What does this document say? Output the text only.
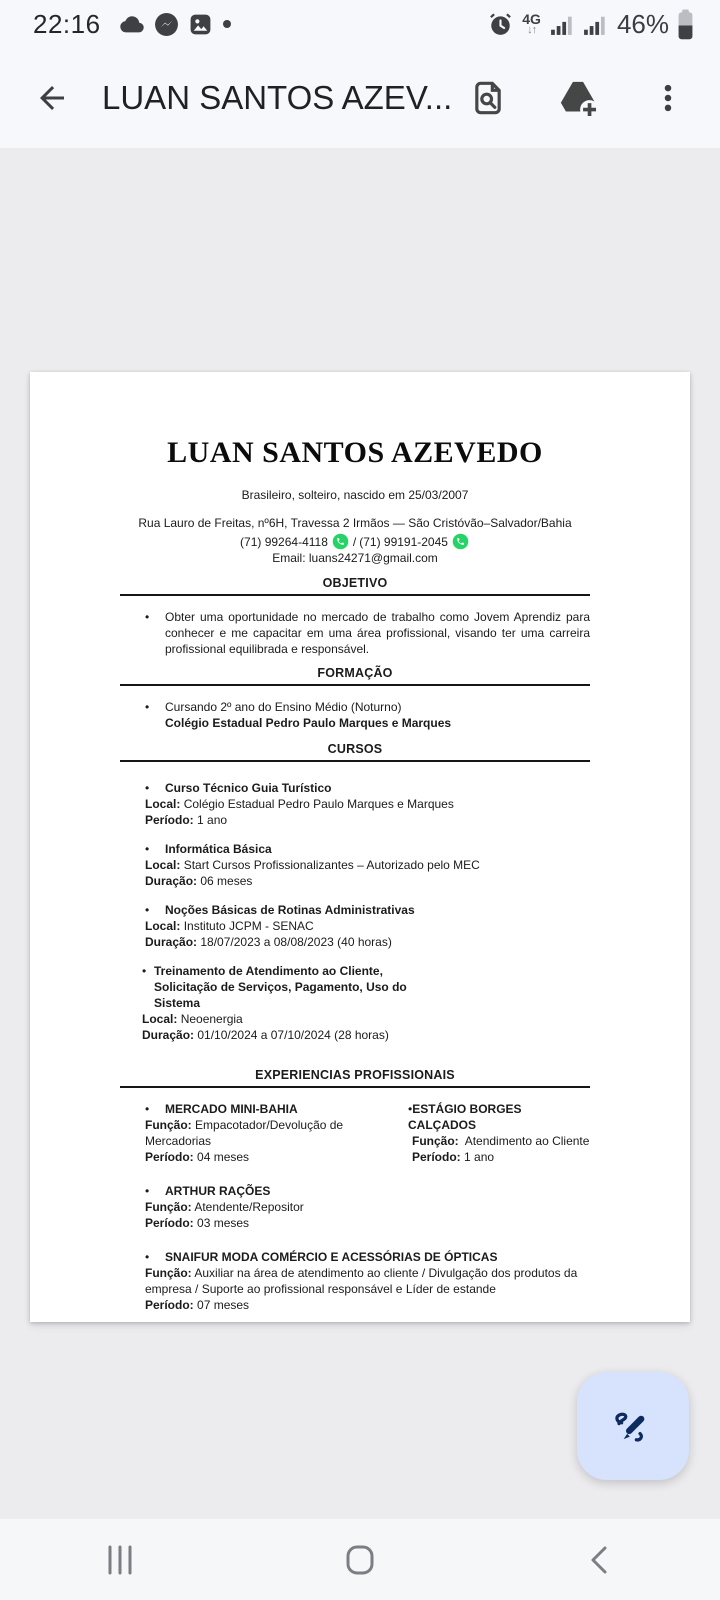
22:16	4G
↓↑	46%
LUAN SANTOS AZEV...
LUAN SANTOS AZEVEDO
Brasileiro, solteiro, nascido em 25/03/2007
Rua Lauro de Freitas, nº6H, Travessa 2 Irmãos — São Cristóvão–Salvador/Bahia
(71) 99264-4118 / (71) 99191-2045
Email: luans24271@gmail.com
OBJETIVO
• Obter uma oportunidade no mercado de trabalho como Jovem Aprendiz para conhecer e me capacitar em uma área profissional, visando ter uma carreira profissional equilibrada e responsável.
FORMAÇÃO
• Cursando 2º ano do Ensino Médio (Noturno)
Colégio Estadual Pedro Paulo Marques e Marques
CURSOS
•	Curso Técnico Guia Turístico
Local: Colégio Estadual Pedro Paulo Marques e Marques
Período: 1 ano
•	Informática Básica
Local: Start Cursos Profissionalizantes – Autorizado pelo MEC
Duração: 06 meses
•	Noções Básicas de Rotinas Administrativas
Local: Instituto JCPM - SENAC
Duração: 18/07/2023 a 08/08/2023 (40 horas)
• Treinamento de Atendimento ao Cliente, Solicitação de Serviços, Pagamento, Uso do Sistema
Local: Neoenergia
Duração: 01/10/2024 a 07/10/2024 (28 horas)
EXPERIENCIAS PROFISSIONAIS
•	MERCADO MINI-BAHIA
Função: Empacotador/Devolução de Mercadorias
Período: 04 meses
•ESTÁGIO BORGES CALÇADOS
Função: Atendimento ao Cliente
Período: 1 ano
•	ARTHUR RAÇÕES
Função: Atendente/Repositor
Período: 03 meses
•	SNAIFUR MODA COMÉRCIO E ACESSÓRIAS DE ÓPTICAS
Função: Auxiliar na área de atendimento ao cliente / Divulgação dos produtos da empresa / Suporte ao profissional responsável e Líder de estande
Período: 07 meses
